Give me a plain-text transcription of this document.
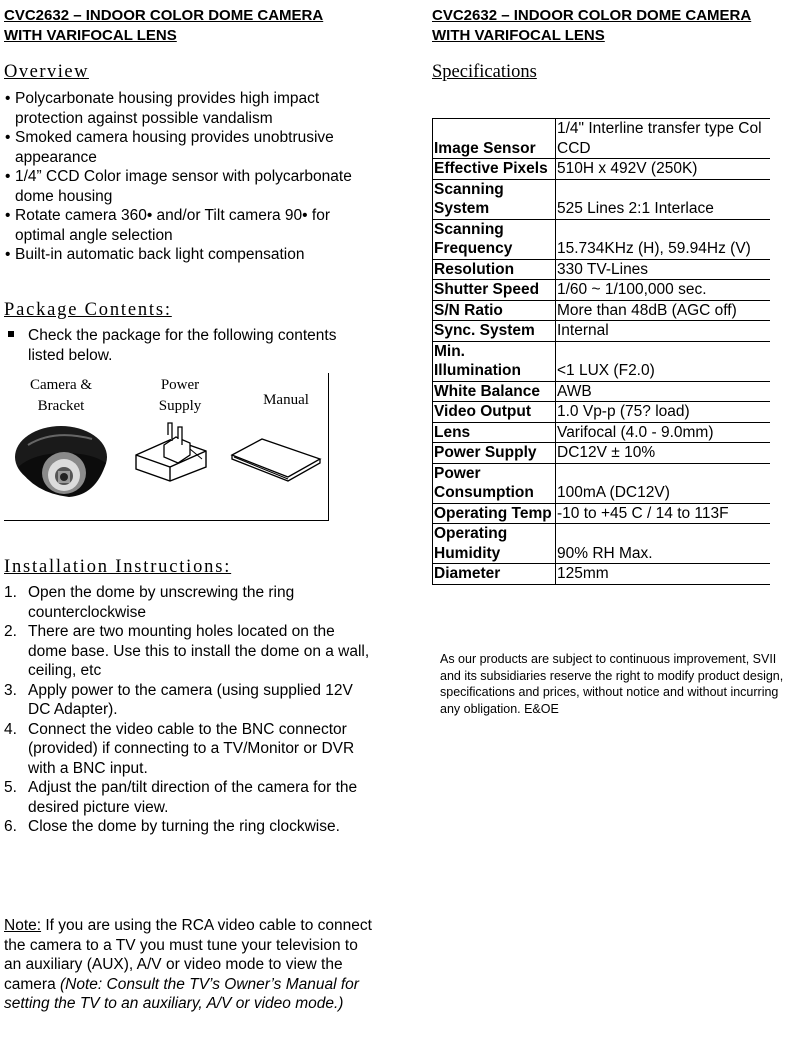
CVC2632 – INDOOR COLOR DOME CAMERA
WITH VARIFOCAL LENS
Overview
• Polycarbonate housing provides high impact protection against possible vandalism
• Smoked camera housing provides unobtrusive appearance
• 1/4” CCD Color image sensor with polycarbonate dome housing
• Rotate camera 360• and/or Tilt camera 90• for optimal angle selection
• Built-in automatic back light compensation
Package Contents:
Check the package for the following contents listed below.
Camera &
Bracket
Power
Supply	Manual
Installation Instructions:
1. Open the dome by unscrewing the ring counterclockwise
2. There are two mounting holes located on the dome base. Use this to install the dome on a wall, ceiling, etc
3. Apply power to the camera (using supplied 12V DC Adapter).
4. Connect the video cable to the BNC connector (provided) if connecting to a TV/Monitor or DVR with a BNC input.
5. Adjust the pan/tilt direction of the camera for the desired picture view.
6. Close the dome by turning the ring clockwise.
Note: If you are using the RCA video cable to connect the camera to a TV you must tune your television to an auxiliary (AUX), A/V or video mode to view the camera (Note: Consult the TV’s Owner’s Manual for setting the TV to an auxiliary, A/V or video mode.)
CVC2632 – INDOOR COLOR DOME CAMERA
WITH VARIFOCAL LENS
Specifications
Image Sensor	1/4" Interline transfer type Col CCD
Effective Pixels	510H x 492V (250K)
Scanning System	525 Lines 2:1 Interlace
Scanning Frequency	15.734KHz (H), 59.94Hz (V)
Resolution	330 TV-Lines
Shutter Speed	1/60 ~ 1/100,000 sec.
S/N Ratio	More than 48dB (AGC off)
Sync. System	Internal
Min. Illumination	<1 LUX (F2.0)
White Balance	AWB
Video Output	1.0 Vp-p (75? load)
Lens	Varifocal (4.0 - 9.0mm)
Power Supply	DC12V ± 10%
Power Consumption	100mA (DC12V)
Operating Temp	-10 to +45 C / 14 to 113F
Operating Humidity	90% RH Max.
Diameter	125mm
As our products are subject to continuous improvement, SVII and its subsidiaries reserve the right to modify product design, specifications and prices, without notice and without incurring any obligation. E&OE
